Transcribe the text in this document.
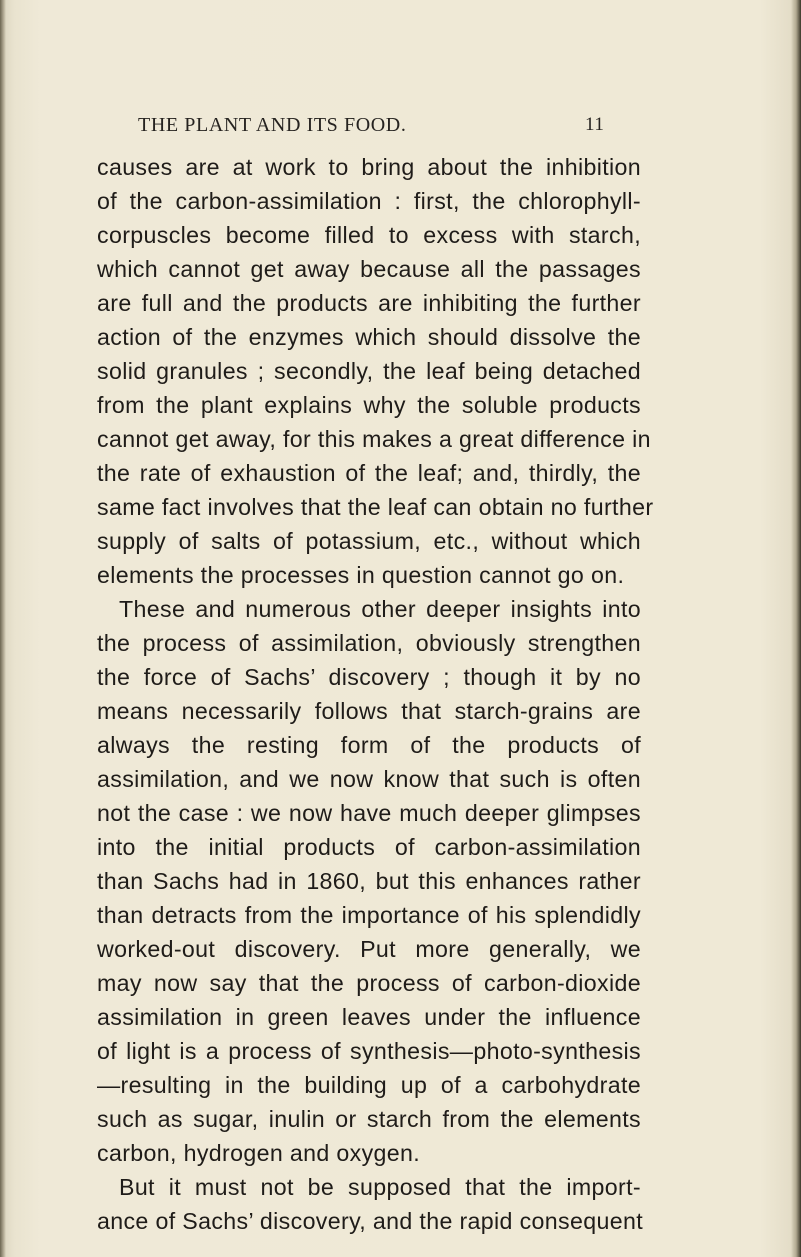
THE PLANT AND ITS FOOD.	11
causes are at work to bring about the inhibition
of the carbon-assimilation : first, the chlorophyll-
corpuscles become filled to excess with starch,
which cannot get away because all the passages
are full and the products are inhibiting the further
action of the enzymes which should dissolve the
solid granules ; secondly, the leaf being detached
from the plant explains why the soluble products
cannot get away, for this makes a great difference in
the rate of exhaustion of the leaf; and, thirdly, the
same fact involves that the leaf can obtain no further
supply of salts of potassium, etc., without which
elements the processes in question cannot go on.
These and numerous other deeper insights into
the process of assimilation, obviously strengthen
the force of Sachs’ discovery ; though it by no
means necessarily follows that starch-grains are
always the resting form of the products of
assimilation, and we now know that such is often
not the case : we now have much deeper glimpses
into the initial products of carbon-assimilation
than Sachs had in 1860, but this enhances rather
than detracts from the importance of his splendidly
worked-out discovery. Put more generally, we
may now say that the process of carbon-dioxide
assimilation in green leaves under the influence
of light is a process of synthesis—photo-synthesis
—resulting in the building up of a carbohydrate
such as sugar, inulin or starch from the elements
carbon, hydrogen and oxygen.
But it must not be supposed that the import-
ance of Sachs’ discovery, and the rapid consequent
